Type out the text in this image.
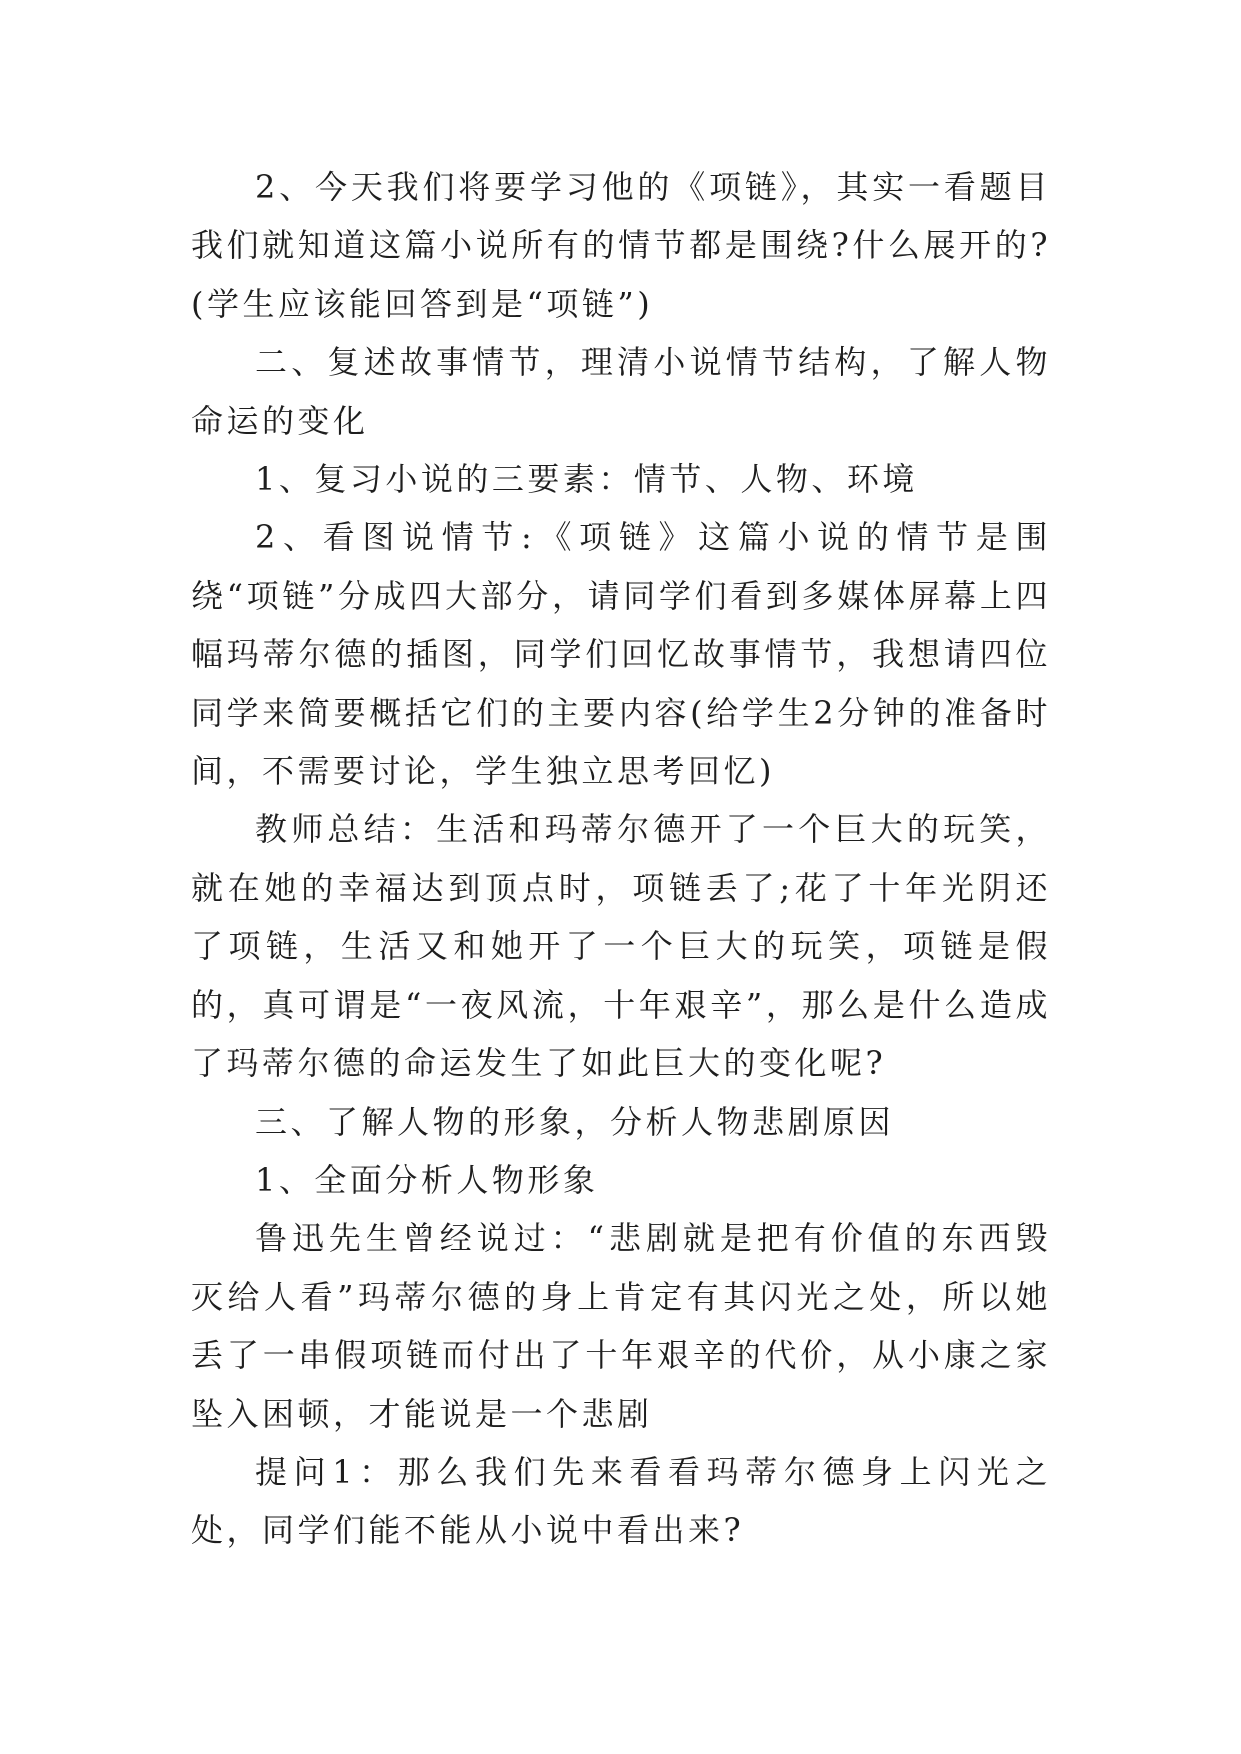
2、今天我们将要学习他的《项链》，其实一看题目我们就知道这篇小说所有的情节都是围绕?什么展开的?(学生应该能回答到是“项链”)

二、复述故事情节，理清小说情节结构，了解人物命运的变化

1、复习小说的三要素：情节、人物、环境

2、看图说情节:《项链》这篇小说的情节是围绕“项链”分成四大部分，请同学们看到多媒体屏幕上四幅玛蒂尔德的插图，同学们回忆故事情节，我想请四位同学来简要概括它们的主要内容(给学生2分钟的准备时间，不需要讨论，学生独立思考回忆)

教师总结：生活和玛蒂尔德开了一个巨大的玩笑，就在她的幸福达到顶点时，项链丢了;花了十年光阴还了项链，生活又和她开了一个巨大的玩笑，项链是假的，真可谓是“一夜风流，十年艰辛”，那么是什么造成了玛蒂尔德的命运发生了如此巨大的变化呢?

三、了解人物的形象，分析人物悲剧原因

1、全面分析人物形象

鲁迅先生曾经说过：“悲剧就是把有价值的东西毁灭给人看”玛蒂尔德的身上肯定有其闪光之处，所以她丢了一串假项链而付出了十年艰辛的代价，从小康之家坠入困顿，才能说是一个悲剧

提问1：那么我们先来看看玛蒂尔德身上闪光之处，同学们能不能从小说中看出来?
